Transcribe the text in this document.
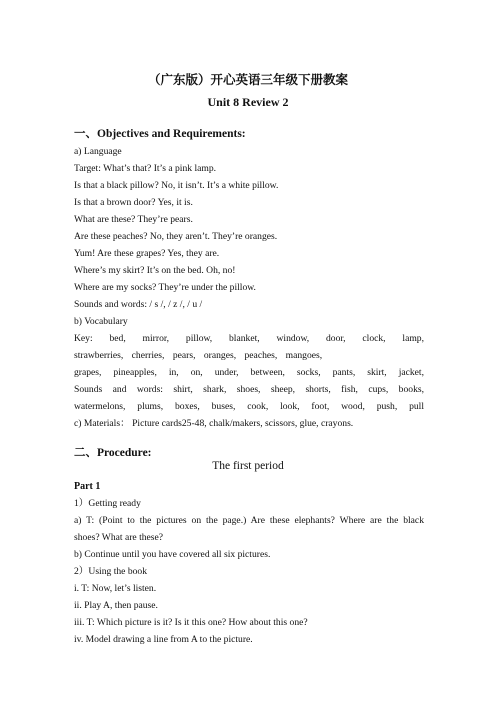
（广东版）开心英语三年级下册教案
Unit 8 Review 2
一、Objectives and Requirements:
a) Language
Target: What’s that? It’s a pink lamp.
Is that a black pillow? No, it isn’t. It’s a white pillow.
Is that a brown door? Yes, it is.
What are these? They’re pears.
Are these peaches? No, they aren’t. They’re oranges.
Yum! Are these grapes? Yes, they are.
Where’s my skirt? It’s on the bed. Oh, no!
Where are my socks? They’re under the pillow.
Sounds and words: / s /, / z /, / u /
b) Vocabulary
Key: bed, mirror, pillow, blanket, window, door, clock, lamp,
strawberries, cherries, pears, oranges, peaches, mangoes,
grapes, pineapples, in, on, under, between, socks, pants, skirt, jacket,
Sounds and words: shirt, shark, shoes, sheep, shorts, fish, cups, books,
watermelons, plums, boxes, buses, cook, look, foot, wood, push, pull
c) Materials： Picture cards25-48, chalk/makers, scissors, glue, crayons.
二、Procedure:
The first period
Part 1
1）Getting ready
a) T: (Point to the pictures on the page.) Are these elephants? Where are the black
shoes? What are these?
b) Continue until you have covered all six pictures.
2）Using the book
i. T: Now, let’s listen.
ii. Play A, then pause.
iii. T: Which picture is it? Is it this one? How about this one?
iv. Model drawing a line from A to the picture.
